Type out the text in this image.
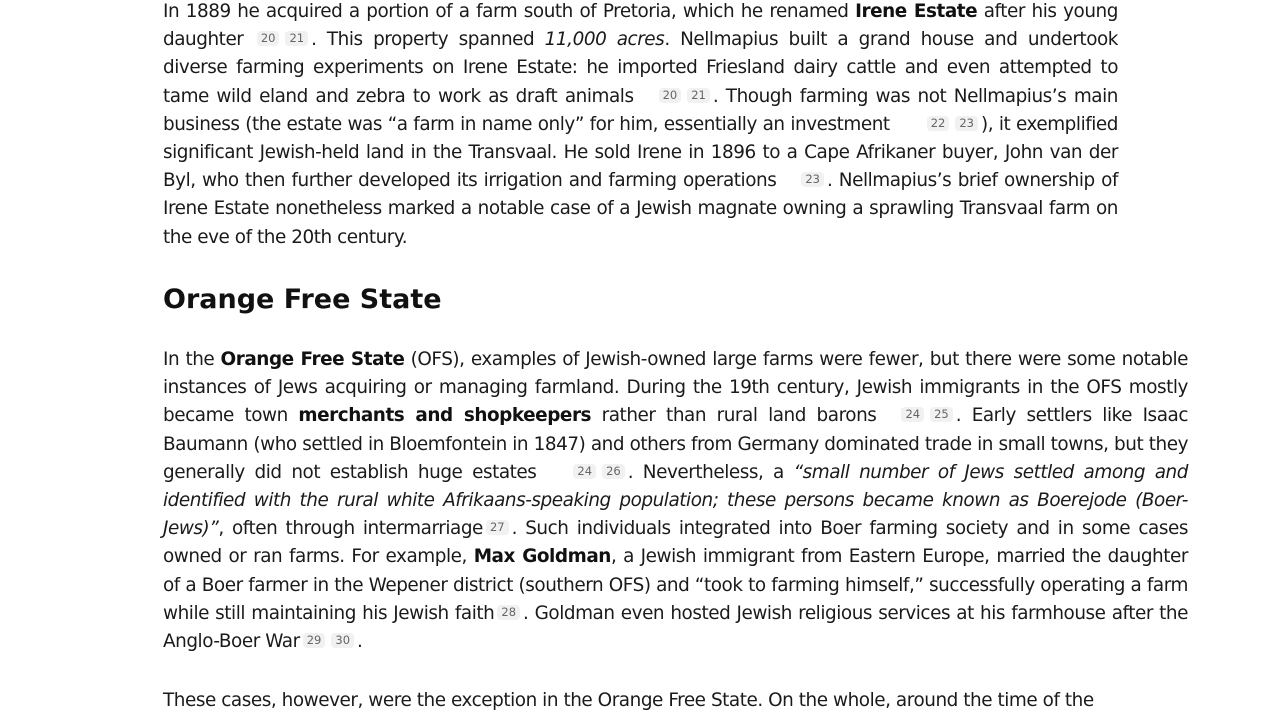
In 1889 he acquired a portion of a farm south of Pretoria, which he renamed Irene Estate after his young daughter 20 21 . This property spanned 11,000 acres. Nellmapius built a grand house and undertook diverse farming experiments on Irene Estate: he imported Friesland dairy cattle and even attempted to tame wild eland and zebra to work as draft animals	20 21 . Though farming was not Nellmapius’s main business (the estate was “a farm in name only” for him, essentially an investment	22 23 ), it exemplified significant Jewish-held land in the Transvaal. He sold Irene in 1896 to a Cape Afrikaner buyer, John van der Byl, who then further developed its irrigation and farming operations	23 . Nellmapius’s brief ownership of Irene Estate nonetheless marked a notable case of a Jewish magnate owning a sprawling Transvaal farm on the eve of the 20th century.

Orange Free State

In the Orange Free State (OFS), examples of Jewish-owned large farms were fewer, but there were some notable instances of Jews acquiring or managing farmland. During the 19th century, Jewish immigrants in the OFS mostly became town merchants and shopkeepers rather than rural land barons	24 25 . Early settlers like Isaac Baumann (who settled in Bloemfontein in 1847) and others from Germany dominated trade in small towns, but they generally did not establish huge estates	24 26 . Nevertheless, a “small number of Jews settled among and identified with the rural white Afrikaans-speaking population; these persons became known as Boerejode (Boer-Jews)”, often through intermarriage 27 . Such individuals integrated into Boer farming society and in some cases owned or ran farms. For example, Max Goldman, a Jewish immigrant from Eastern Europe, married the daughter of a Boer farmer in the Wepener district (southern OFS) and “took to farming himself,” successfully operating a farm while still maintaining his Jewish faith 28 . Goldman even hosted Jewish religious services at his farmhouse after the Anglo-Boer War 29 30 .

These cases, however, were the exception in the Orange Free State. On the whole, around the time of the
